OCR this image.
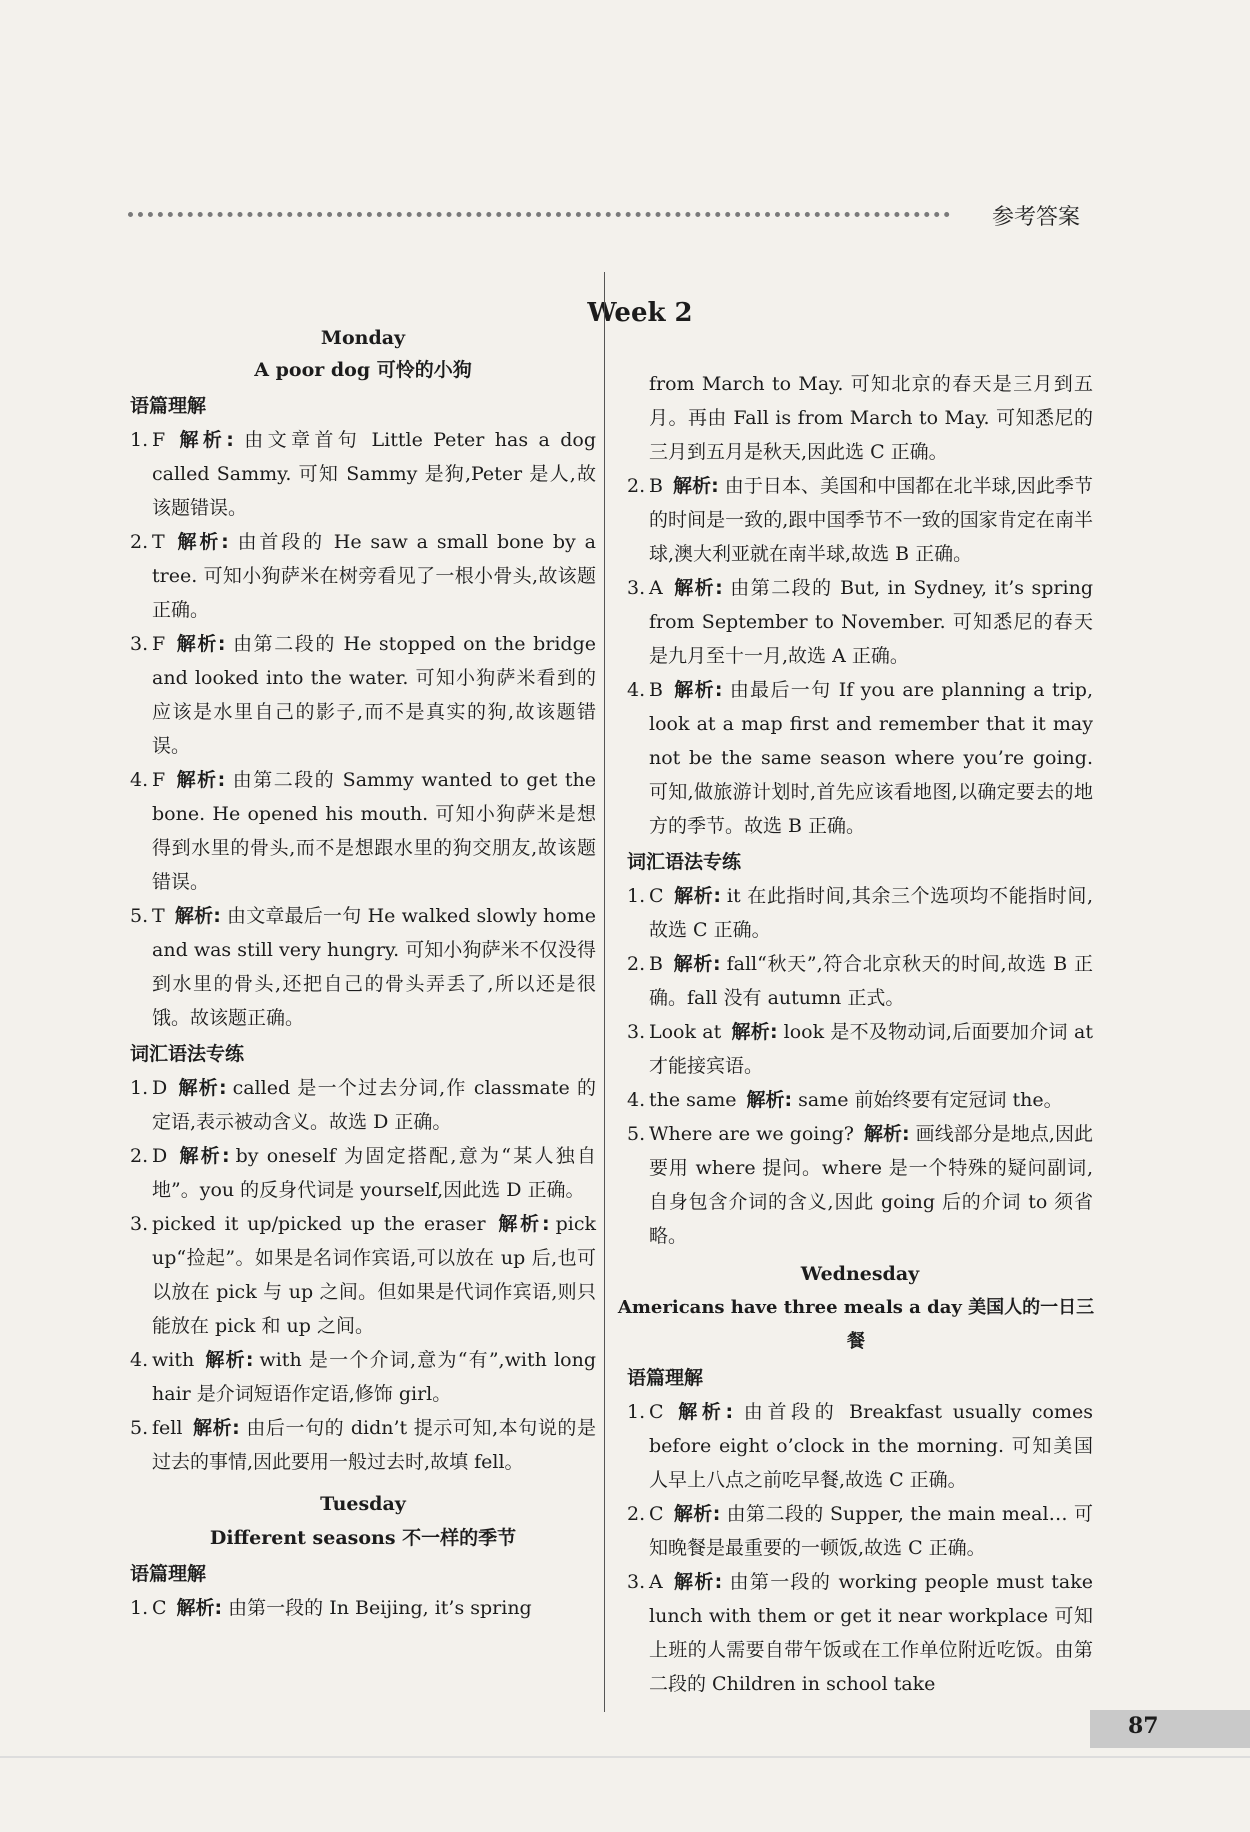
参考答案
Week 2

Monday

A poor dog 可怜的小狗

语篇理解

1. F 解析: 由文章首句 Little Peter has a dog called Sammy. 可知 Sammy 是狗,Peter 是人,故该题错误。

2. T 解析: 由首段的 He saw a small bone by a tree. 可知小狗萨米在树旁看见了一根小骨头,故该题正确。

3. F 解析: 由第二段的 He stopped on the bridge and looked into the water. 可知小狗萨米看到的应该是水里自己的影子,而不是真实的狗,故该题错误。

4. F 解析: 由第二段的 Sammy wanted to get the bone. He opened his mouth. 可知小狗萨米是想得到水里的骨头,而不是想跟水里的狗交朋友,故该题错误。

5. T 解析: 由文章最后一句 He walked slowly home and was still very hungry. 可知小狗萨米不仅没得到水里的骨头,还把自己的骨头弄丢了,所以还是很饿。故该题正确。

词汇语法专练

1. D 解析: called 是一个过去分词,作 classmate 的定语,表示被动含义。故选 D 正确。

2. D 解析: by oneself 为固定搭配,意为“某人独自地”。you 的反身代词是 yourself,因此选 D 正确。

3. picked it up/picked up the eraser 解析: pick up“捡起”。如果是名词作宾语,可以放在 up 后,也可以放在 pick 与 up 之间。但如果是代词作宾语,则只能放在 pick 和 up 之间。

4. with 解析: with 是一个介词,意为“有”,with long hair 是介词短语作定语,修饰 girl。

5. fell 解析: 由后一句的 didn’t 提示可知,本句说的是过去的事情,因此要用一般过去时,故填 fell。

Tuesday

Different seasons 不一样的季节

语篇理解

1. C 解析: 由第一段的 In Beijing, it’s spring

from March to May. 可知北京的春天是三月到五月。再由 Fall is from March to May. 可知悉尼的三月到五月是秋天,因此选 C 正确。

2. B 解析: 由于日本、美国和中国都在北半球,因此季节的时间是一致的,跟中国季节不一致的国家肯定在南半球,澳大利亚就在南半球,故选 B 正确。

3. A 解析: 由第二段的 But, in Sydney, it’s spring from September to November. 可知悉尼的春天是九月至十一月,故选 A 正确。

4. B 解析: 由最后一句 If you are planning a trip, look at a map first and remember that it may not be the same season where you’re going. 可知,做旅游计划时,首先应该看地图,以确定要去的地方的季节。故选 B 正确。

词汇语法专练

1. C 解析: it 在此指时间,其余三个选项均不能指时间,故选 C 正确。

2. B 解析: fall“秋天”,符合北京秋天的时间,故选 B 正确。fall 没有 autumn 正式。

3. Look at 解析: look 是不及物动词,后面要加介词 at 才能接宾语。

4. the same 解析: same 前始终要有定冠词 the。

5. Where are we going? 解析: 画线部分是地点,因此要用 where 提问。where 是一个特殊的疑问副词,自身包含介词的含义,因此 going 后的介词 to 须省略。

Wednesday

Americans have three meals a day 美国人的一日三餐

语篇理解

1. C 解析: 由首段的 Breakfast usually comes before eight o’clock in the morning. 可知美国人早上八点之前吃早餐,故选 C 正确。

2. C 解析: 由第二段的 Supper, the main meal… 可知晚餐是最重要的一顿饭,故选 C 正确。

3. A 解析: 由第一段的 working people must take lunch with them or get it near workplace 可知上班的人需要自带午饭或在工作单位附近吃饭。由第二段的 Children in school take

87
